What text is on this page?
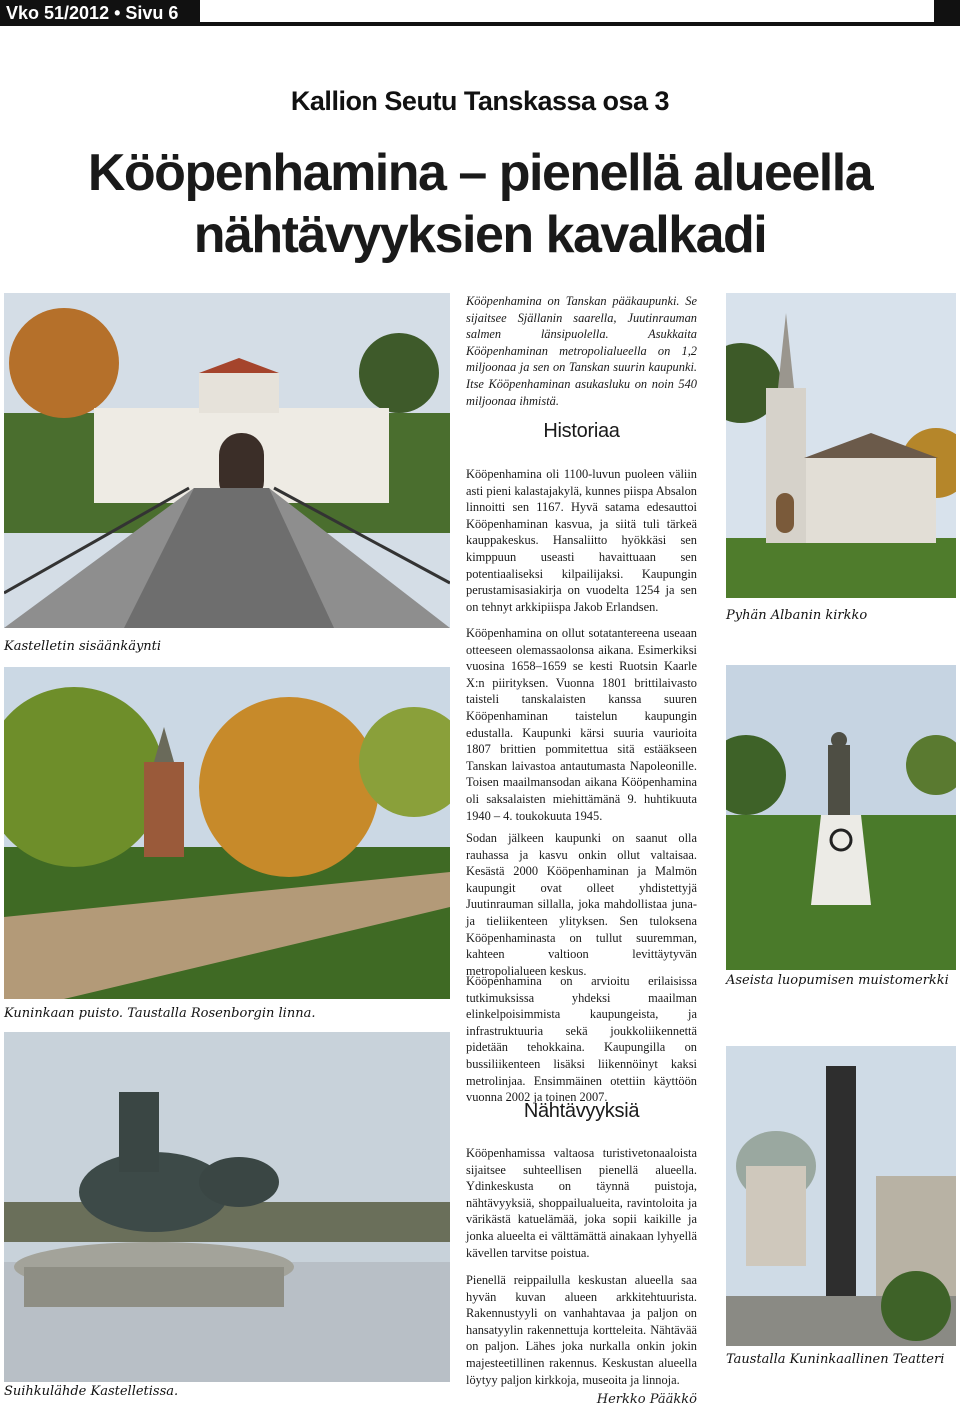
Vko 51/2012 • Sivu 6
Kallion Seutu Tanskassa osa 3
Kööpenhamina – pienellä alueella
nähtävyyksien kavalkadi
Kastelletin sisäänkäynti
Pyhän Albanin kirkko
Kuninkaan puisto. Taustalla Rosenborgin linna.
Aseista luopumisen muistomerkki
Suihkulähde Kastelletissa.
Taustalla Kuninkaallinen Teatteri
Kööpenhamina on Tanskan pääkaupunki. Se sijaitsee Själlanin saarella, Juutinrauman salmen länsipuolella. Asukkaita Kööpenhaminan metropolialueella on 1,2 miljoonaa ja sen on Tanskan suurin kaupunki. Itse Kööpenhaminan asukasluku on noin 540 miljoonaa ihmistä.
Historiaa
Kööpenhamina oli 1100-luvun puoleen väliin asti pieni kalastajakylä, kunnes piispa Absalon linnoitti sen 1167. Hyvä satama edesauttoi Kööpenhaminan kasvua, ja siitä tuli tärkeä kauppakeskus. Hansaliitto hyökkäsi sen kimppuun useasti havaittuaan sen potentiaaliseksi kilpailijaksi. Kaupungin perustamisasiakirja on vuodelta 1254 ja sen on tehnyt arkkipiispa Jakob Erlandsen.
Kööpenhamina on ollut sotatantereena useaan otteeseen olemassaolonsa aikana. Esimerkiksi vuosina 1658–1659 se kesti Ruotsin Kaarle X:n piirityksen. Vuonna 1801 brittilaivasto taisteli tanskalaisten kanssa suuren Kööpenhaminan taistelun kaupungin edustalla. Kaupunki kärsi suuria vaurioita 1807 brittien pommitettua sitä estääkseen Tanskan laivastoa antautumasta Napoleonille. Toisen maailmansodan aikana Kööpenhamina oli saksalaisten miehittämänä 9. huhtikuuta 1940 – 4. toukokuuta 1945.
Sodan jälkeen kaupunki on saanut olla rauhassa ja kasvu onkin ollut valtaisaa. Kesästä 2000 Kööpenhaminan ja Malmön kaupungit ovat olleet yhdistettyjä Juutinrauman sillalla, joka mahdollistaa juna- ja tieliikenteen ylityksen. Sen tuloksena Kööpenhaminasta on tullut suuremman, kahteen valtioon levittäytyvän metropolialueen keskus.
Kööpenhamina on arvioitu erilaisissa tutkimuksissa yhdeksi maailman elinkelpoisimmista kaupungeista, ja infrastruktuuria sekä joukkoliikennettä pidetään tehokkaina. Kaupungilla on bussiliikenteen lisäksi liikennöinyt kaksi metrolinjaa. Ensimmäinen otettiin käyttöön vuonna 2002 ja toinen 2007.
Nähtävyyksiä
Kööpenhamissa valtaosa turistivetonaaloista sijaitsee suhteellisen pienellä alueella. Ydinkeskusta on täynnä puistoja, nähtävyyksiä, shoppailualueita, ravintoloita ja värikästä katuelämää, joka sopii kaikille ja jonka alueelta ei välttämättä ainakaan lyhyellä kävellen tarvitse poistua.
Pienellä reippailulla keskustan alueella saa hyvän kuvan alueen arkkitehtuurista. Rakennustyyli on vanhahtavaa ja paljon on hansatyylin rakennettuja kortteleita. Nähtävää on paljon. Lähes joka nurkalla onkin jokin majesteetillinen rakennus. Keskustan alueella löytyy paljon kirkkoja, museoita ja linnoja.
Herkko Pääkkö
